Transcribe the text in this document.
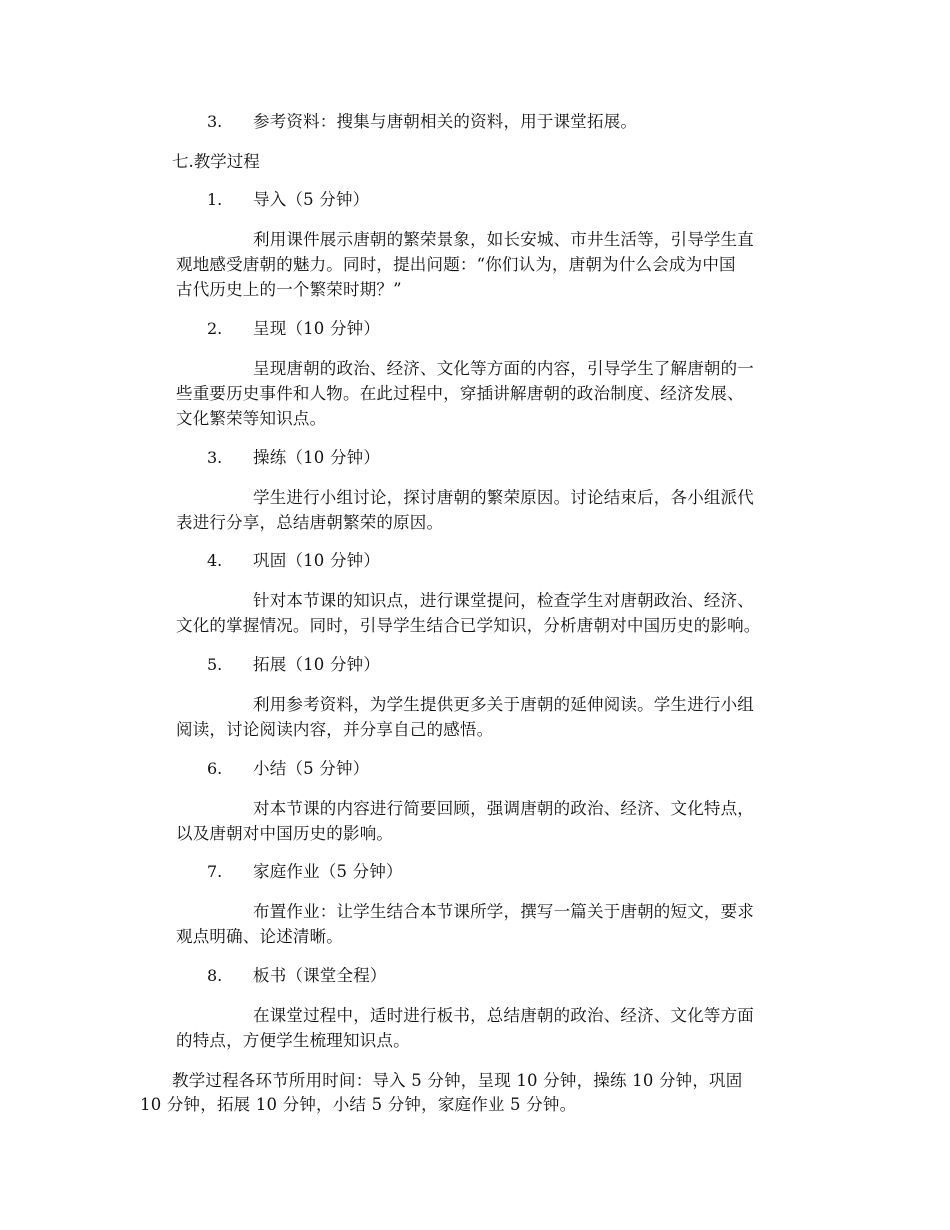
3. 参考资料：搜集与唐朝相关的资料，用于课堂拓展。
七.教学过程
1. 导入（5 分钟）
利用课件展示唐朝的繁荣景象，如长安城、市井生活等，引导学生直
观地感受唐朝的魅力。同时，提出问题：“你们认为，唐朝为什么会成为中国
古代历史上的一个繁荣时期？”
2. 呈现（10 分钟）
呈现唐朝的政治、经济、文化等方面的内容，引导学生了解唐朝的一
些重要历史事件和人物。在此过程中，穿插讲解唐朝的政治制度、经济发展、
文化繁荣等知识点。
3. 操练（10 分钟）
学生进行小组讨论，探讨唐朝的繁荣原因。讨论结束后，各小组派代
表进行分享，总结唐朝繁荣的原因。
4. 巩固（10 分钟）
针对本节课的知识点，进行课堂提问，检查学生对唐朝政治、经济、
文化的掌握情况。同时，引导学生结合已学知识，分析唐朝对中国历史的影响。
5. 拓展（10 分钟）
利用参考资料，为学生提供更多关于唐朝的延伸阅读。学生进行小组
阅读，讨论阅读内容，并分享自己的感悟。
6. 小结（5 分钟）
对本节课的内容进行简要回顾，强调唐朝的政治、经济、文化特点，
以及唐朝对中国历史的影响。
7. 家庭作业（5 分钟）
布置作业：让学生结合本节课所学，撰写一篇关于唐朝的短文，要求
观点明确、论述清晰。
8. 板书（课堂全程）
在课堂过程中，适时进行板书，总结唐朝的政治、经济、文化等方面
的特点，方便学生梳理知识点。
教学过程各环节所用时间：导入 5 分钟，呈现 10 分钟，操练 10 分钟，巩固
10 分钟，拓展 10 分钟，小结 5 分钟，家庭作业 5 分钟。
